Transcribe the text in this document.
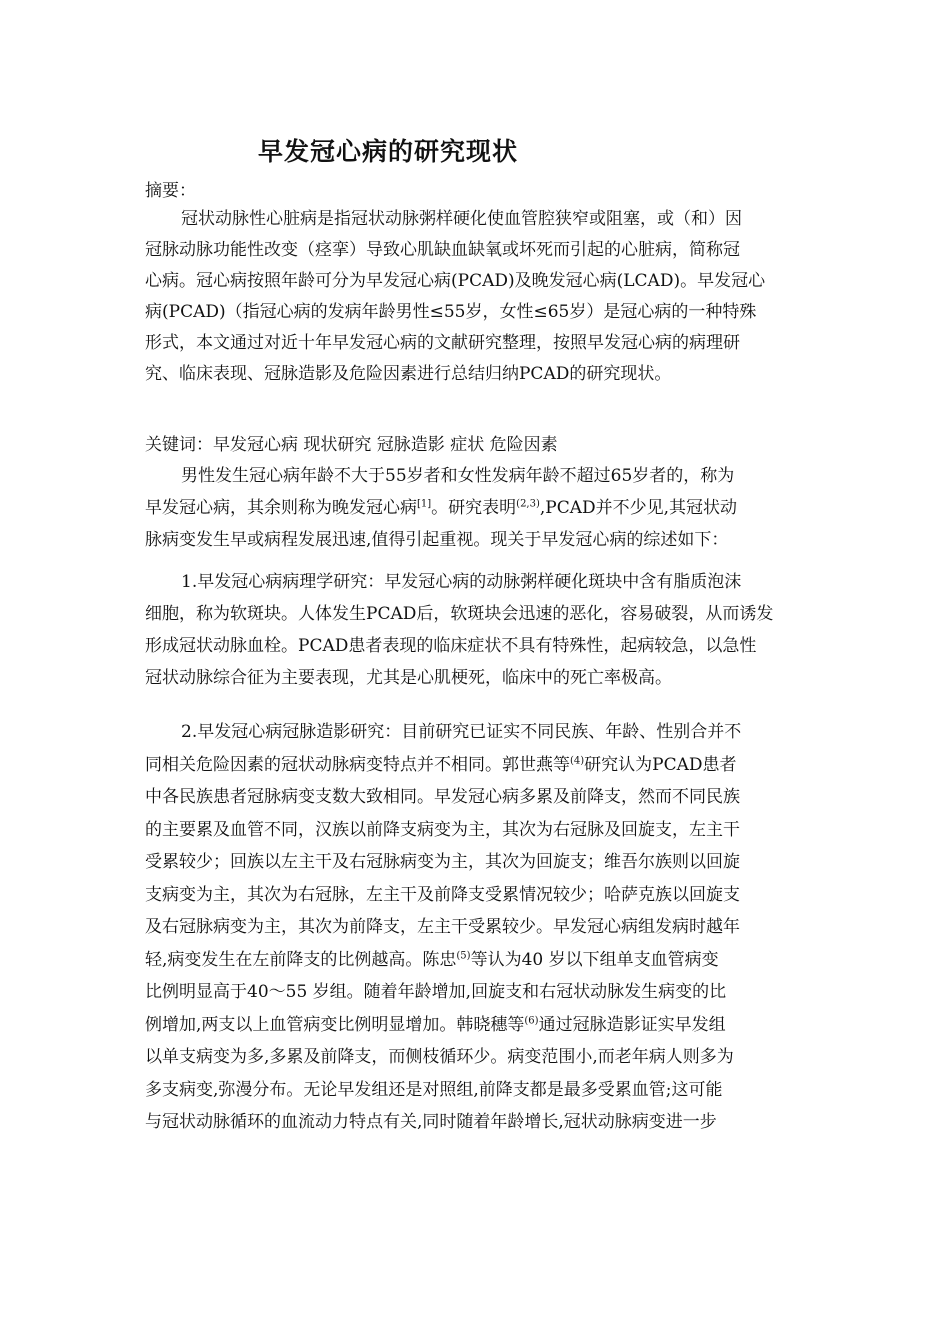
早发冠心病的研究现状
摘要：
冠状动脉性心脏病是指冠状动脉粥样硬化使血管腔狭窄或阻塞，或（和）因
冠脉动脉功能性改变（痉挛）导致心肌缺血缺氧或坏死而引起的心脏病，简称冠
心病。冠心病按照年龄可分为早发冠心病(PCAD)及晚发冠心病(LCAD)。早发冠心
病(PCAD)（指冠心病的发病年龄男性≤55岁，女性≤65岁）是冠心病的一种特殊
形式，本文通过对近十年早发冠心病的文献研究整理，按照早发冠心病的病理研
究、临床表现、冠脉造影及危险因素进行总结归纳PCAD的研究现状。
关键词：早发冠心病 现状研究 冠脉造影 症状 危险因素
男性发生冠心病年龄不大于55岁者和女性发病年龄不超过65岁者的，称为
早发冠心病，其余则称为晚发冠心病[1]。研究表明$^{(2,3)}$,PCAD并不少见,其冠状动
脉病变发生早或病程发展迅速,值得引起重视。现关于早发冠心病的综述如下：
1.早发冠心病病理学研究：早发冠心病的动脉粥样硬化斑块中含有脂质泡沫
细胞，称为软斑块。人体发生PCAD后，软斑块会迅速的恶化，容易破裂，从而诱发
形成冠状动脉血栓。PCAD患者表现的临床症状不具有特殊性，起病较急，以急性
冠状动脉综合征为主要表现，尤其是心肌梗死，临床中的死亡率极高。
2.早发冠心病冠脉造影研究：目前研究已证实不同民族、年龄、性别合并不
同相关危险因素的冠状动脉病变特点并不相同。郭世燕等$^{(4)}$研究认为PCAD患者
中各民族患者冠脉病变支数大致相同。早发冠心病多累及前降支，然而不同民族
的主要累及血管不同，汉族以前降支病变为主，其次为右冠脉及回旋支，左主干
受累较少；回族以左主干及右冠脉病变为主，其次为回旋支；维吾尔族则以回旋
支病变为主，其次为右冠脉，左主干及前降支受累情况较少；哈萨克族以回旋支
及右冠脉病变为主，其次为前降支，左主干受累较少。早发冠心病组发病时越年
轻,病变发生在左前降支的比例越高。陈忠$^{(5)}$等认为40 岁以下组单支血管病变
比例明显高于40～55 岁组。随着年龄增加,回旋支和右冠状动脉发生病变的比
例增加,两支以上血管病变比例明显增加。韩晓穗等$^{(6)}$通过冠脉造影证实早发组
以单支病变为多,多累及前降支，而侧枝循环少。病变范围小,而老年病人则多为
多支病变,弥漫分布。无论早发组还是对照组,前降支都是最多受累血管;这可能
与冠状动脉循环的血流动力特点有关,同时随着年龄增长,冠状动脉病变进一步
